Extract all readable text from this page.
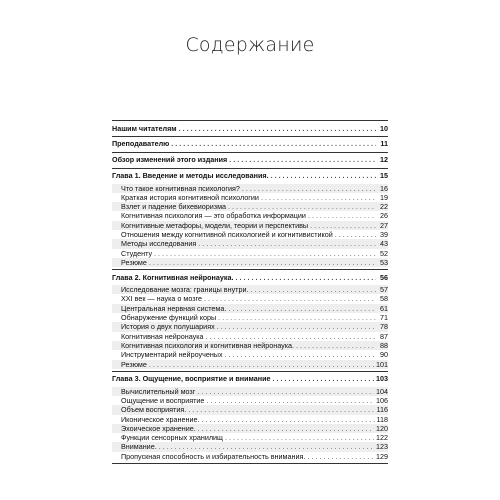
Содержание
Нашим читателям . . .	10
Преподавателю . . .	11
Обзор изменений этого издания . . .	12
Глава 1. Введение и методы исследования. . . .	15
Что такое когнитивная психология? . . .	16
Краткая история когнитивной психологии . . .	19
Взлет и падение бихевиоризма . . .	22
Когнитивная психология — это обработка информации . . .	26
Когнитивные метафоры, модели, теории и перспективы . . .	27
Отношения между когнитивной психологией и когнитивистикой . . .	39
Методы исследования . . .	43
Студенту . . .	52
Резюме . . .	53
Глава 2. Когнитивная нейронаука. . . .	56
Исследование мозга: границы внутри. . . .	57
XXI век — наука о мозге . . .	58
Центральная нервная система. . . .	61
Обнаружение функций коры . . .	71
История о двух полушариях . . .	78
Когнитивная нейронаука . . .	87
Когнитивная психология и когнитивная нейронаука. . . .	88
Инструментарий нейроученых . . .	90
Резюме . . .	101
Глава 3. Ощущение, восприятие и внимание . . .	103
Вычислительный мозг . . .	104
Ощущение и восприятие . . .	106
Объем восприятия. . . .	116
Иконическое хранение. . . .	118
Эхоическое хранение. . . .	120
Функции сенсорных хранилищ . . .	122
Внимание. . . .	123
Пропускная способность и избирательность внимания. . . .	129
